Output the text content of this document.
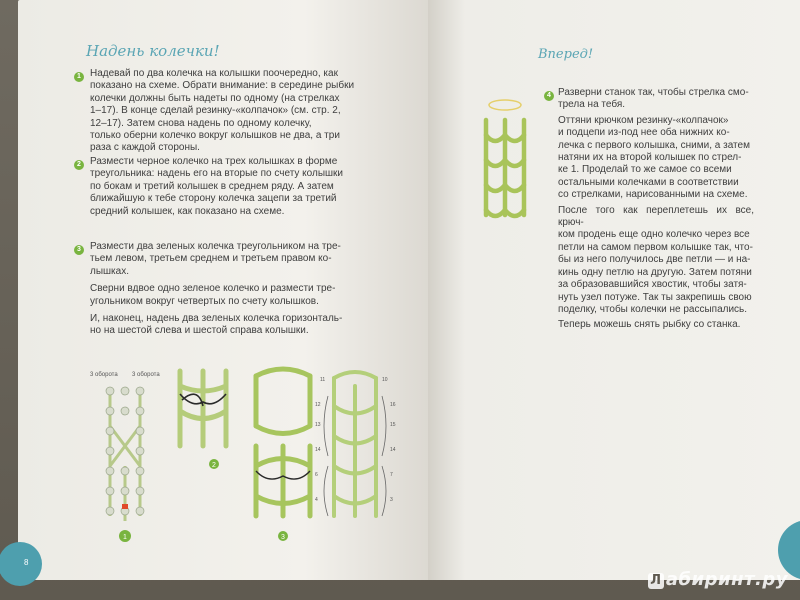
Надень колечки!
1 Надевай по два колечка на колышки поочередно, как
показано на схеме. Обрати внимание: в середине рыбки
колечки должны быть надеты по одному (на стрелках
1–17). В конце сделай резинку-«колпачок» (см. стр. 2,
12–17). Затем снова надень по одному колечку,
только оберни колечко вокруг колышков не два, а три
раза с каждой стороны.
2 Размести черное колечко на трех колышках в форме
треугольника: надень его на вторые по счету колышки
по бокам и третий колышек в среднем ряду. А затем
ближайшую к тебе сторону колечка зацепи за третий
средний колышек, как показано на схеме.
3 Размести два зеленых колечка треугольником на тре-
тьем левом, третьем среднем и третьем правом ко-
лышках.
Сверни вдвое одно зеленое колечко и размести тре-
угольником вокруг четвертых по счету колышков.
И, наконец, надень два зеленых колечка горизонталь-
но на шестой слева и шестой справа колышки.
3 оборота 3 оборота
1
2
3
11	10
12	16
13	15
14	14
6	7
4	3
8
Вперед!
4 Разверни станок так, чтобы стрелка смо-
трела на тебя.
Оттяни крючком резинку-«колпачок»
и подцепи из-под нее оба нижних ко-
лечка с первого колышка, сними, а затем
натяни их на второй колышек по стрел-
ке 1. Проделай то же самое со всеми
остальными колечками в соответствии
со стрелками, нарисованными на схеме.
После того как переплетешь их все, крюч-
ком продень еще одно колечко через все
петли на самом первом колышке так, что-
бы из него получилось две петли — и на-
кинь одну петлю на другую. Затем потяни
за образовавшийся хвостик, чтобы затя-
нуть узел потуже. Так ты закрепишь свою
поделку, чтобы колечки не рассыпались.
Теперь можешь снять рыбку со станка.
Л абиринт.ру
